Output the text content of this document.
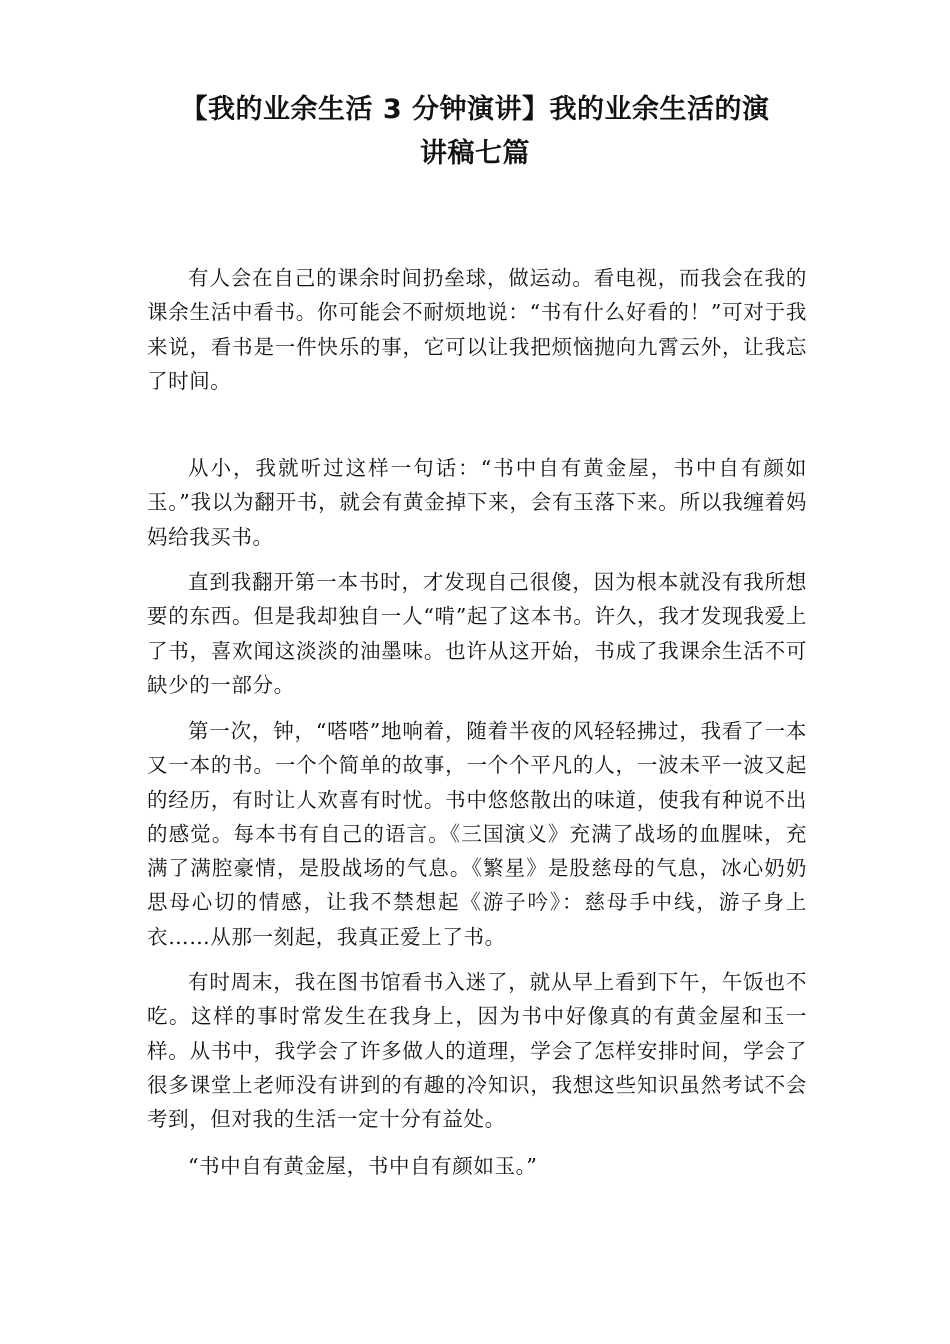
【我的业余生活 3 分钟演讲】我的业余生活的演
讲稿七篇

有人会在自己的课余时间扔垒球，做运动。看电视，而我会在我的课余生活中看书。你可能会不耐烦地说：“书有什么好看的！”可对于我来说，看书是一件快乐的事，它可以让我把烦恼抛向九霄云外，让我忘了时间。

从小，我就听过这样一句话：“书中自有黄金屋，书中自有颜如玉。”我以为翻开书，就会有黄金掉下来，会有玉落下来。所以我缠着妈妈给我买书。

直到我翻开第一本书时，才发现自己很傻，因为根本就没有我所想要的东西。但是我却独自一人“啃”起了这本书。许久，我才发现我爱上了书，喜欢闻这淡淡的油墨味。也许从这开始，书成了我课余生活不可缺少的一部分。

第一次，钟，“嗒嗒”地响着，随着半夜的风轻轻拂过，我看了一本又一本的书。一个个简单的故事，一个个平凡的人，一波未平一波又起的经历，有时让人欢喜有时忧。书中悠悠散出的味道，使我有种说不出的感觉。每本书有自己的语言。《三国演义》充满了战场的血腥味，充满了满腔豪情，是股战场的气息。《繁星》是股慈母的气息，冰心奶奶思母心切的情感，让我不禁想起《游子吟》：慈母手中线，游子身上衣……从那一刻起，我真正爱上了书。

有时周末，我在图书馆看书入迷了，就从早上看到下午，午饭也不吃。这样的事时常发生在我身上，因为书中好像真的有黄金屋和玉一样。从书中，我学会了许多做人的道理，学会了怎样安排时间，学会了很多课堂上老师没有讲到的有趣的冷知识，我想这些知识虽然考试不会考到，但对我的生活一定十分有益处。

“书中自有黄金屋，书中自有颜如玉。”
